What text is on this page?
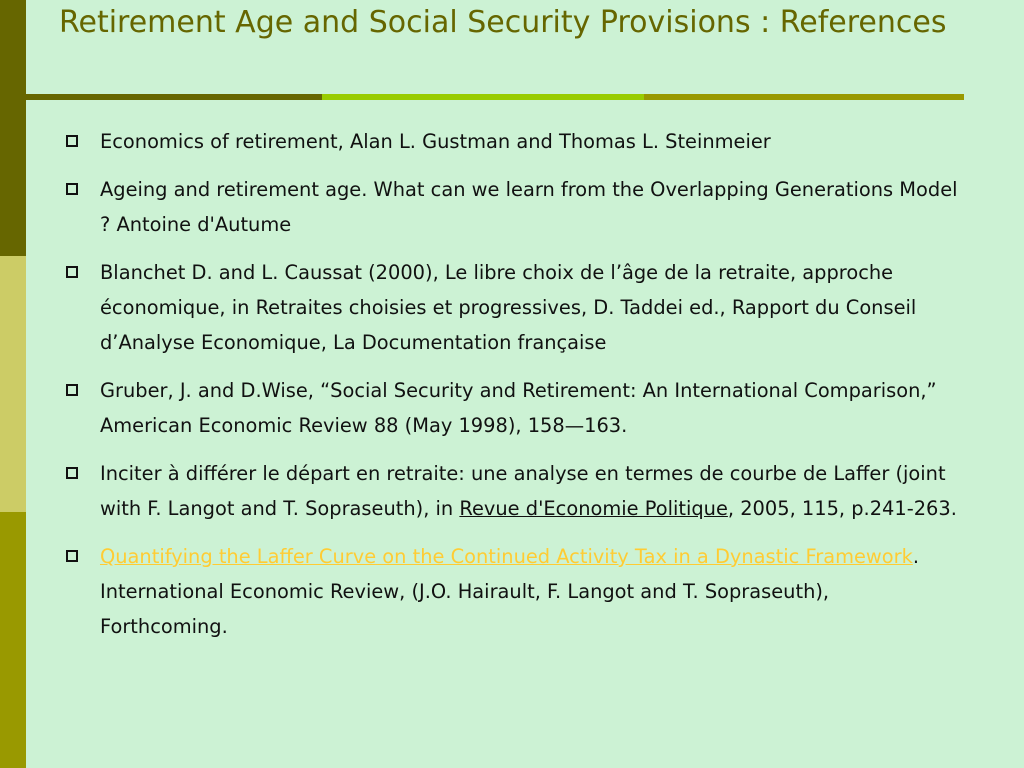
Retirement Age and Social Security Provisions : References
Economics of retirement, Alan L. Gustman and Thomas L. Steinmeier
Ageing and retirement age. What can we learn from the Overlapping Generations Model ? Antoine d'Autume
Blanchet D. and L. Caussat (2000), Le libre choix de l’âge de la retraite, approche économique, in Retraites choisies et progressives, D. Taddei ed., Rapport du Conseil d’Analyse Economique, La Documentation française
Gruber, J. and D.Wise, “Social Security and Retirement: An International Comparison,” American Economic Review 88 (May 1998), 158—163.
Inciter à différer le départ en retraite: une analyse en termes de courbe de Laffer (joint with F. Langot and T. Sopraseuth), in Revue d'Economie Politique, 2005, 115, p.241-263.
Quantifying the Laffer Curve on the Continued Activity Tax in a Dynastic Framework. International Economic Review, (J.O. Hairault, F. Langot and T. Sopraseuth), Forthcoming.
